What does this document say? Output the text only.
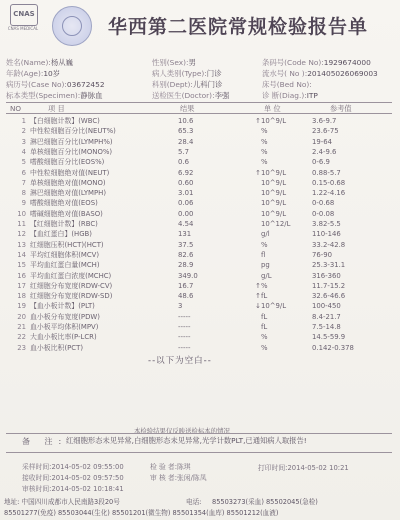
CNAS
CNAS MEDICAL	华西第二医院常规检验报告单
姓名(Name):杨从巍	性别(Sex):男	条码号(Code No):1929674000
年龄(Age):10岁	病人类别(Type):门诊	流水号( No ):201405026069003
病历号(Case No):03672452	科别(Dept):儿科门诊	床号(Bed No):
标本类型(Specimen):静脉血	送检医生(Doctor):李强	诊 断(Diag.):ITP
NO	项 目	结果	单 位	参考值
1 【白细胞计数】(WBC)	10.6	↑ 10^9/L	3.6-9.7
2 中性粒细胞百分比(NEUT%)	65.3	%	23.6-75
3 淋巴细胞百分比(LYMPH%)	28.4	%	19-64
4 单核细胞百分比(MONO%)	5.7	%	2.4-9.6
5 嗜酸细胞百分比(EOS%)	0.6	%	0-6.9
6 中性粒细胞绝对值(NEUT)	6.92	↑ 10^9/L	0.88-5.7
7 单核细胞绝对值(MONO)	0.60	10^9/L	0.15-0.68
8 淋巴细胞绝对值(LYMPH)	3.01	10^9/L	1.22-4.16
9 嗜酸细胞绝对值(EOS)	0.06	10^9/L	0-0.68
10 嗜碱细胞绝对值(BASO)	0.00	10^9/L	0-0.08
11 【红细胞计数】(RBC)	4.54	10^12/L	3.82-5.5
12 【血红蛋白】(HGB)	131	g/l	110-146
13 红细胞压积(HCT)(HCT)	37.5	%	33.2-42.8
14 平均红细胞体积(MCV)	82.6	fl	76-90
15 平均血红蛋白量(MCH)	28.9	pg	25.3-31.1
16 平均血红蛋白浓度(MCHC)	349.0	g/L	316-360
17 红细胞分布宽度(RDW-CV)	16.7	↑ %	11.7-15.2
18 红细胞分布宽度(RDW-SD)	48.6	↑ fL	32.6-46.6
19 【血小板计数】(PLT)	3	↓ 10^9/L	100-450
20 血小板分布宽度(PDW)	-----	fL	8.4-21.7
21 血小板平均体积(MPV)	-----	fL	7.5-14.8
22 大血小板比率(P-LCR)	-----	%	14.5-59.9
23 血小板比积(PCT)	-----	%	0.142-0.378
--以下为空白--
本检验结果仅反映送检标本的情况
备 注:
红细胞形态未见异常,白细胞形态未见异常,光学计数PLT,已通知病人取报告!
采样时间:2014-05-02 09:55:00	检 验 者:陈琪	打印时间:2014-05-02 10:21
接收时间:2014-05-02 09:57:50	审 核 者:张闲/陈凤
审核时间:2014-05-02 10:18:41
地址: 中国四川成都市人民南路3段20号	电话: 85503273(采血) 85502045(急检)
85501277(免疫) 85503044(生化) 85501201(微生物) 85501354(血库) 85501212(血液)
